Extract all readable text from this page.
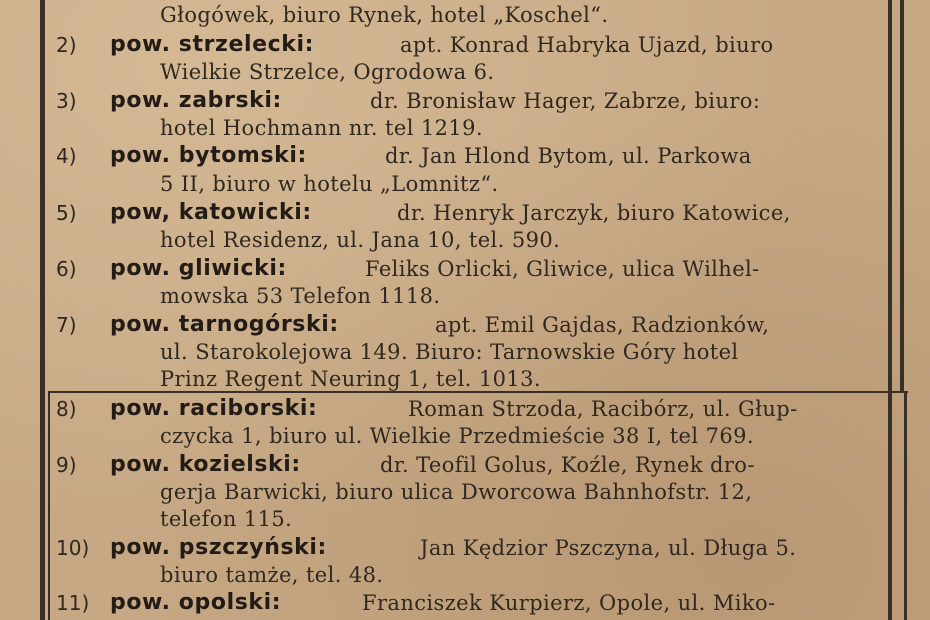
Głogówek, biuro Rynek, hotel „Koschel“.
2)	pow. strzelecki:	apt. Konrad Habryka Ujazd, biuro
Wielkie Strzelce, Ogrodowa 6.
3)	pow. zabrski:	dr. Bronisław Hager, Zabrze, biuro:
hotel Hochmann nr. tel 1219.
4)	pow. bytomski:	dr. Jan Hlond Bytom, ul. Parkowa
5 II, biuro w hotelu „Lomnitz“.
5)	pow, katowicki:	dr. Henryk Jarczyk, biuro Katowice,
hotel Residenz, ul. Jana 10, tel. 590.
6)	pow. gliwicki:	Feliks Orlicki, Gliwice, ulica Wilhel-
mowska 53 Telefon 1118.
7)	pow. tarnogórski:	apt. Emil Gajdas, Radzionków,
ul. Starokolejowa 149. Biuro: Tarnowskie Góry hotel
Prinz Regent Neuring 1, tel. 1013.
8)	pow. raciborski:	Roman Strzoda, Racibórz, ul. Głup-
czycka 1, biuro ul. Wielkie Przedmieście 38 I, tel 769.
9)	pow. kozielski:	dr. Teofil Golus, Koźle, Rynek dro-
gerja Barwicki, biuro ulica Dworcowa Bahnhofstr. 12,
telefon 115.
10) pow. pszczyński:	Jan Kędzior Pszczyna, ul. Długa 5.
biuro tamże, tel. 48.
11) pow. opolski:	Franciszek Kurpierz, Opole, ul. Miko-
